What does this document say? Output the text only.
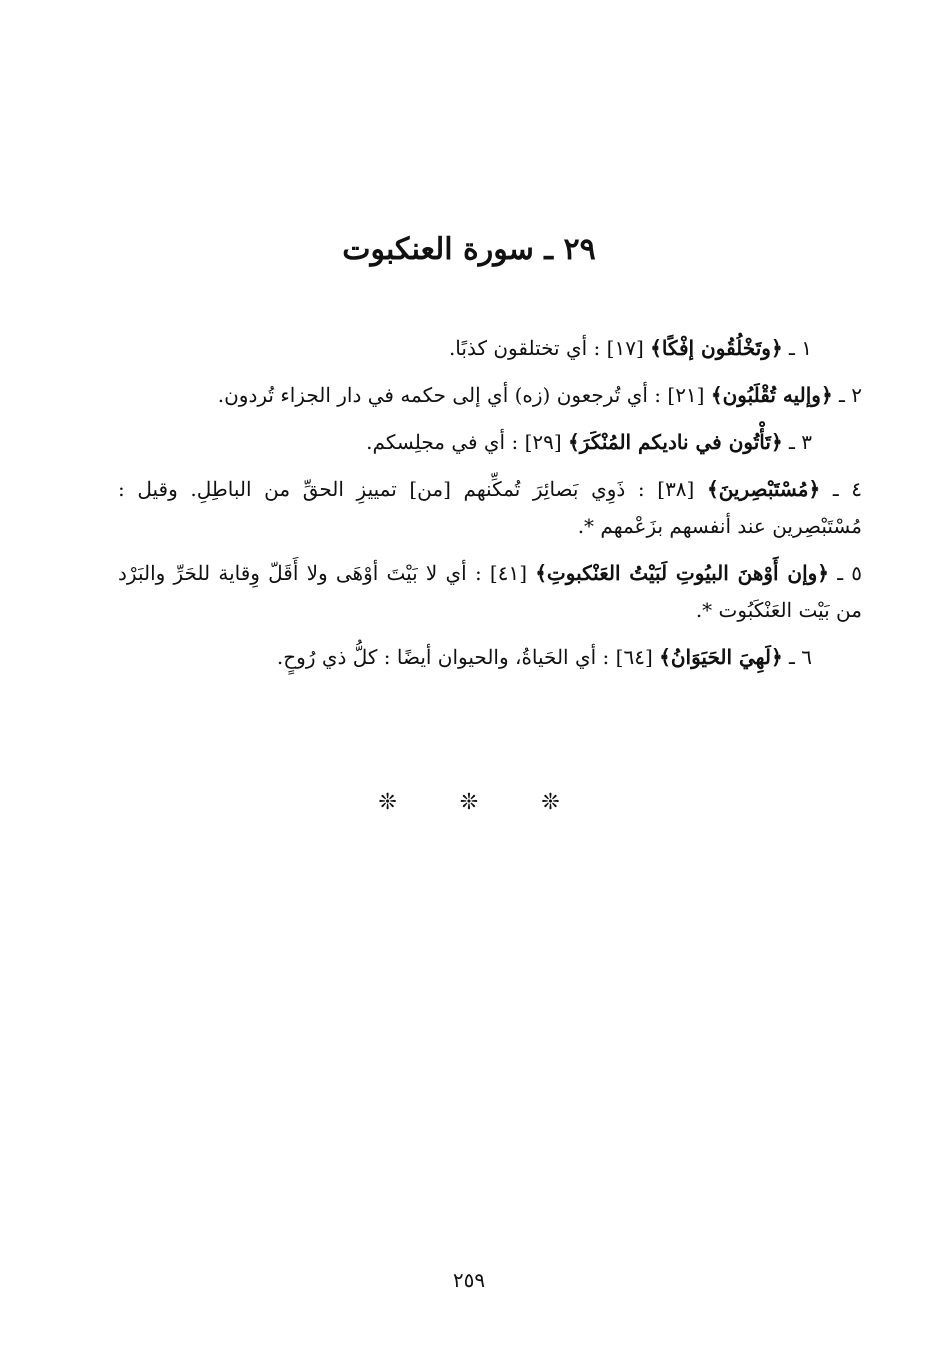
٢٩ ـ سورة العنكبوت

١ ـ ﴿وتَخْلُقُون إفْكًا﴾ [١٧] : أي تختلقون كذبًا.

٢ ـ ﴿وإليه تُقْلَبُون﴾ [٢١] : أي تُرجعون (زه) أي إلى حكمه في دار الجزاء تُردون.

٣ ـ ﴿تَأْتُون في ناديكم المُنْكَرَ﴾ [٢٩] : أي في مجلِسكم.

٤ ـ ﴿مُسْتَبْصِرينَ﴾ [٣٨] : ذَوِي بَصائِرَ تُمكِّنهم [من] تمييزِ الحقِّ من الباطِلِ. وقيل : مُسْتَبْصِرين عند أنفسهم بزَعْمهم *.

٥ ـ ﴿وإن أَوْهنَ البيُوتِ لَبَيْتُ العَنْكبوتِ﴾ [٤١] : أي لا بَيْتَ أوْهَى ولا أَقَلّ وِقاية للحَرِّ والبَرْد من بَيْت العَنْكَبُوت *.

٦ ـ ﴿لَهِيَ الحَيَوَانُ﴾ [٦٤] : أي الحَياةُ، والحيوان أيضًا : كلُّ ذي رُوحٍ.

❊	❊	❊
٢٥٩
